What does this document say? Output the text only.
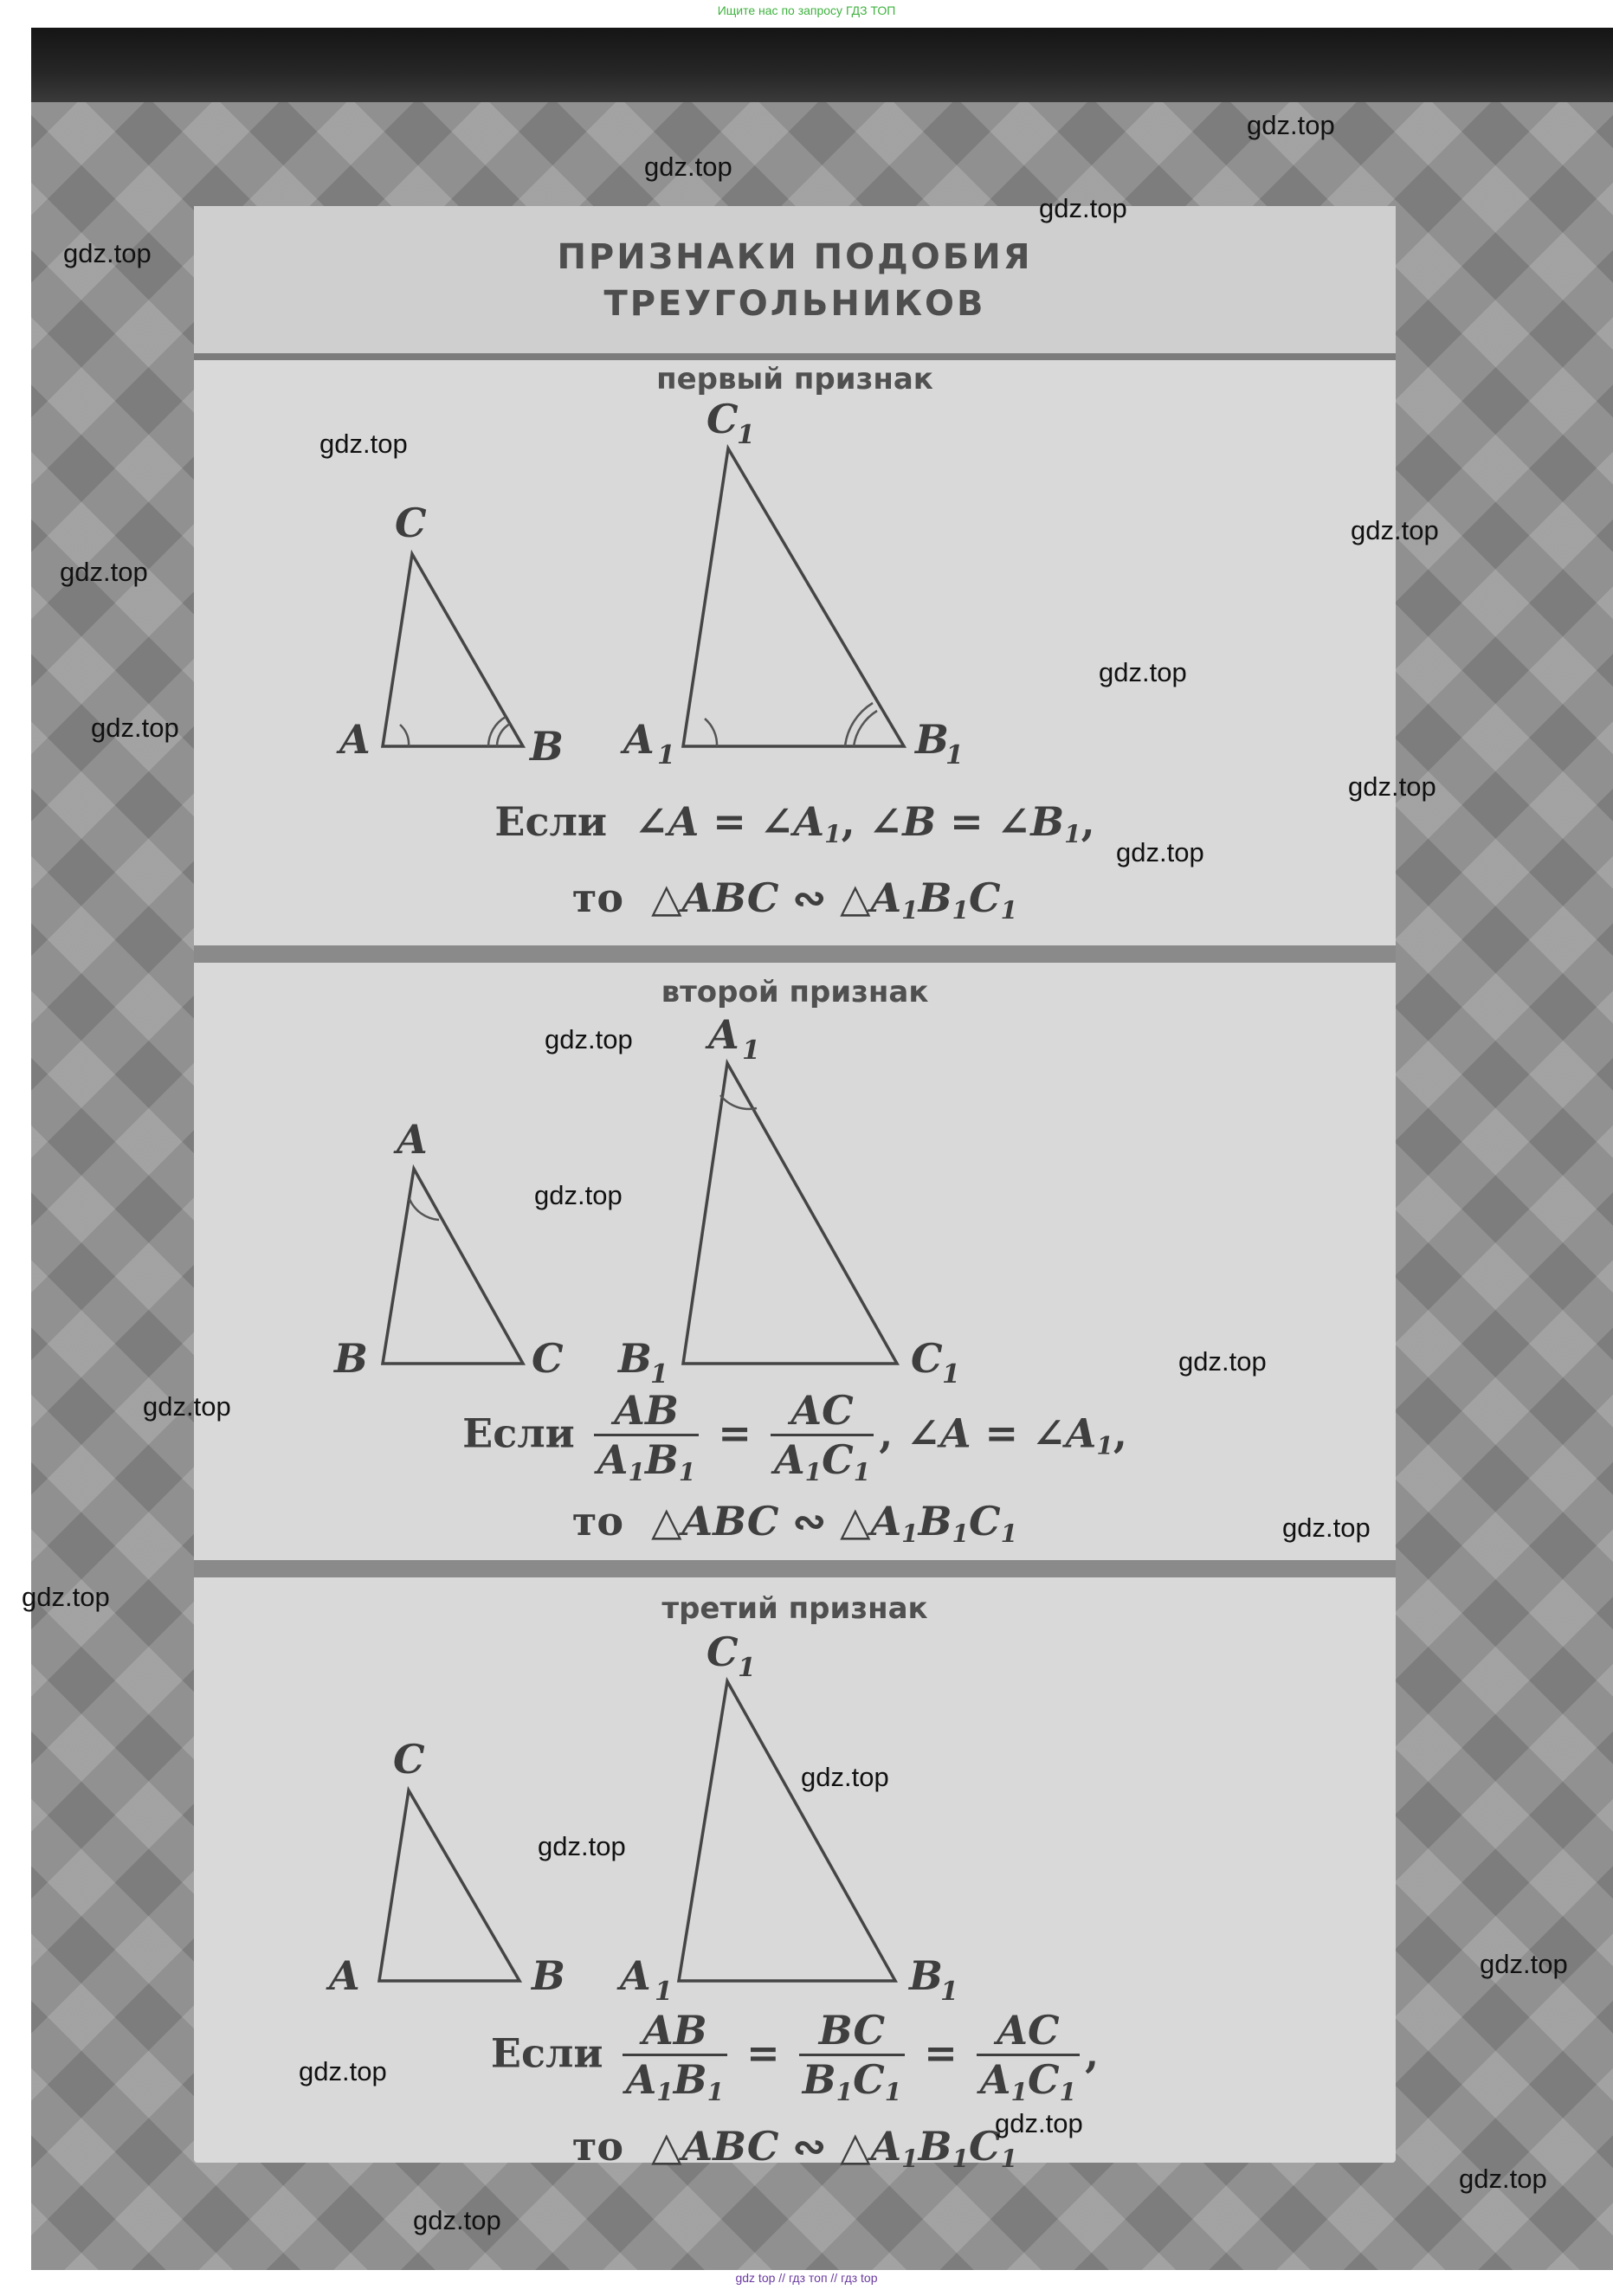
Ищите нас по запросу ГДЗ ТОП
ПРИЗНАКИ ПОДОБИЯ
ТРЕУГОЛЬНИКОВ
первый признак
A	B
C
A 1	B
1
C
1
Если  ∠A = $\angle A_1$, ∠B = $\angle B_1$,
то  △ABC ∾ $\triangle A_1B_1C_1$
второй признак
A
B	C
A 1
B
1	C 1
Если $\frac{AB}{A_1B_1} = \frac{AC}{A_1C_1}$ , ∠A = $\angle A_1$,
то  △ABC ∾ $\triangle A_1B_1C_1$
третий признак
A	B
C
A 1	B
1
C 1
Если $\frac{AB}{A_1B_1} = \frac{BC}{B_1C_1} = \frac{AC}{A_1C_1}$ ,
то  △ABC ∾ $\triangle A_1B_1C_1$
gdz.top
gdz.top
gdz.top
gdz.top
gdz.top
gdz.top
gdz.top
gdz.top
gdz.top
gdz.top
gdz.top
gdz.top
gdz.top
gdz.top
gdz.top
gdz.top
gdz.top
gdz.top
gdz.top
gdz.top
gdz.top
gdz.top
gdz.top
gdz.top
gdz top // гдз топ // гдз top
